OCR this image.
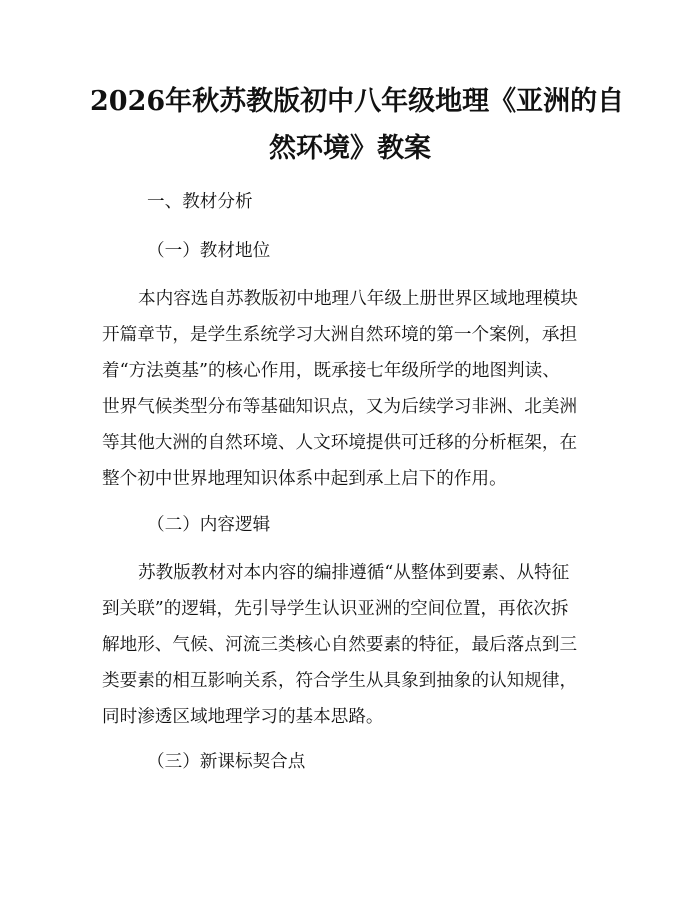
2026年秋苏教版初中八年级地理《亚洲的自
然环境》教案

一、教材分析

（一）教材地位

本内容选自苏教版初中地理八年级上册世界区域地理模块

开篇章节，是学生系统学习大洲自然环境的第一个案例，承担

着“方法奠基”的核心作用，既承接七年级所学的地图判读、

世界气候类型分布等基础知识点，又为后续学习非洲、北美洲

等其他大洲的自然环境、人文环境提供可迁移的分析框架，在

整个初中世界地理知识体系中起到承上启下的作用。

（二）内容逻辑

苏教版教材对本内容的编排遵循“从整体到要素、从特征

到关联”的逻辑，先引导学生认识亚洲的空间位置，再依次拆

解地形、气候、河流三类核心自然要素的特征，最后落点到三

类要素的相互影响关系，符合学生从具象到抽象的认知规律，

同时渗透区域地理学习的基本思路。

（三）新课标契合点
